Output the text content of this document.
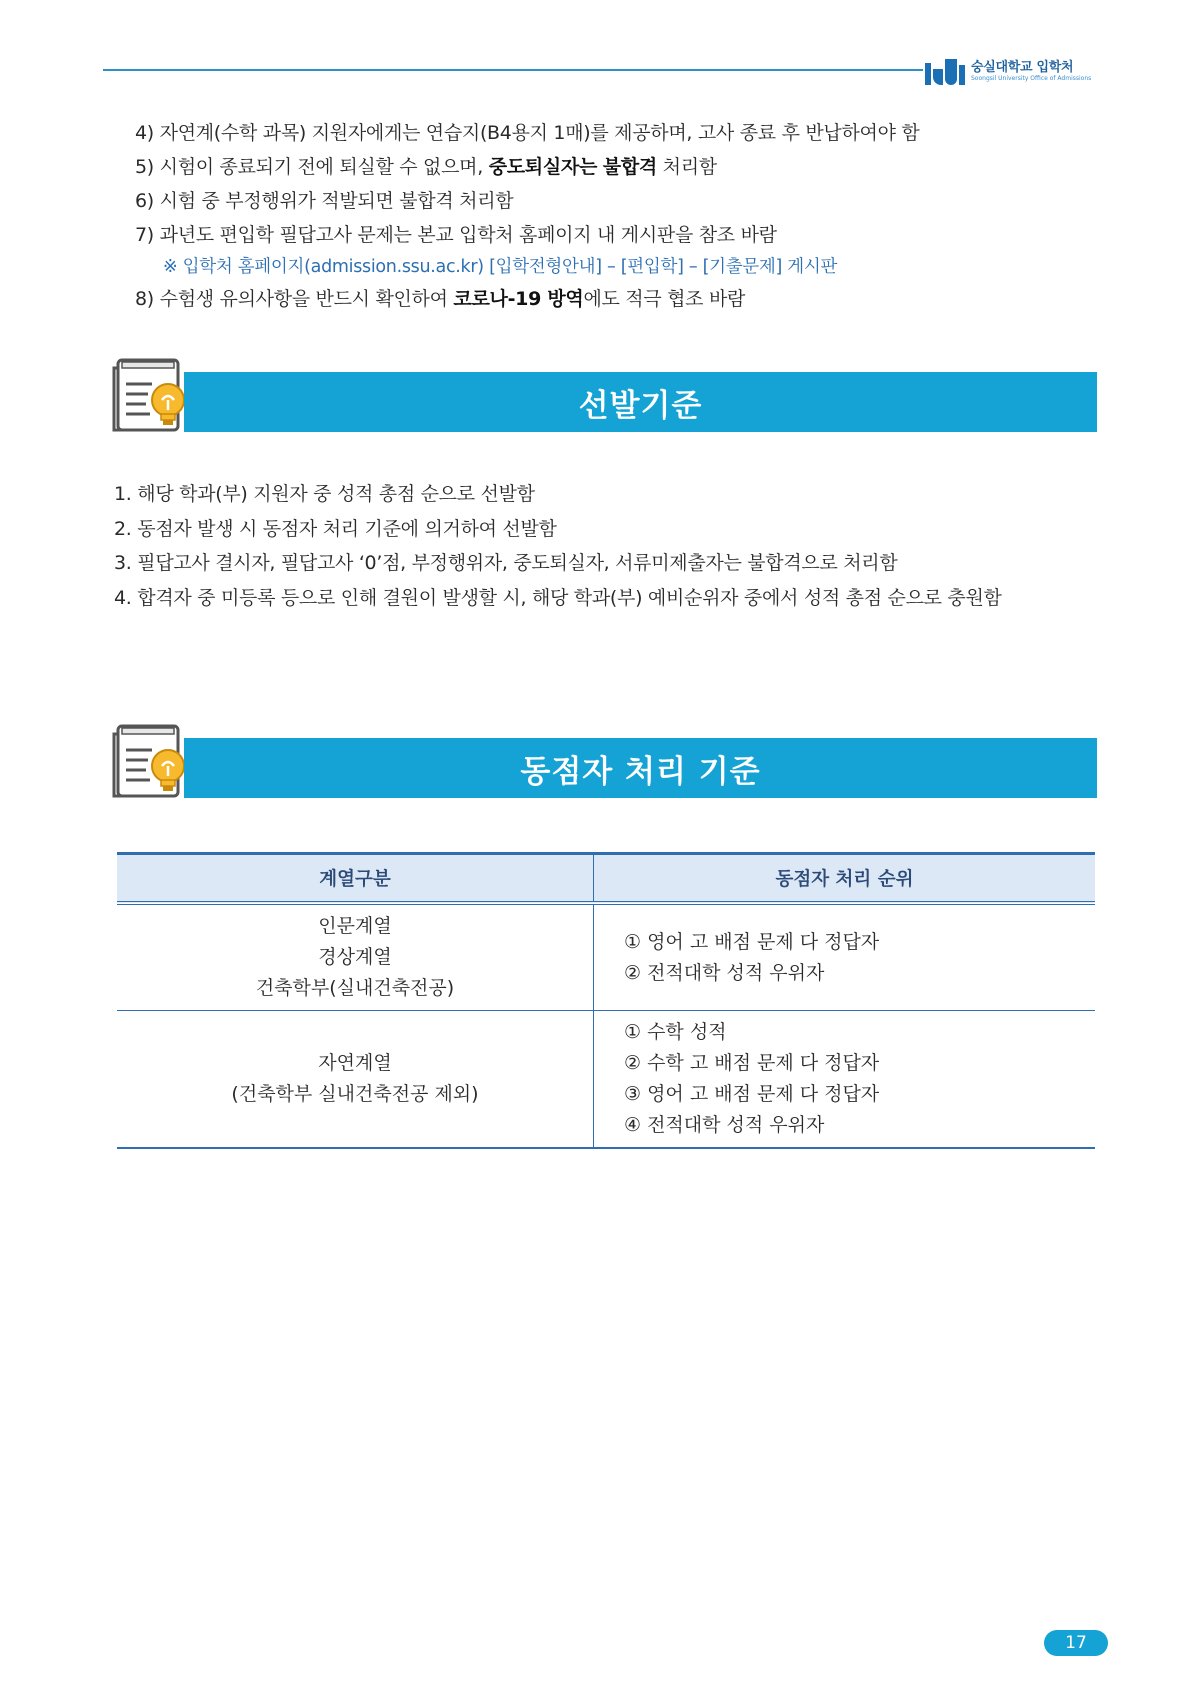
숭실대학교 입학처
Soongsil University Office of Admissions
4) 자연계(수학 과목) 지원자에게는 연습지(B4용지 1매)를 제공하며, 고사 종료 후 반납하여야 함
5) 시험이 종료되기 전에 퇴실할 수 없으며, 중도퇴실자는 불합격 처리함
6) 시험 중 부정행위가 적발되면 불합격 처리함
7) 과년도 편입학 필답고사 문제는 본교 입학처 홈페이지 내 게시판을 참조 바람
※ 입학처 홈페이지(admission.ssu.ac.kr) [입학전형안내] – [편입학] – [기출문제] 게시판
8) 수험생 유의사항을 반드시 확인하여 코로나-19 방역에도 적극 협조 바람
선발기준
1. 해당 학과(부) 지원자 중 성적 총점 순으로 선발함
2. 동점자 발생 시 동점자 처리 기준에 의거하여 선발함
3. 필답고사 결시자, 필답고사 ‘0’점, 부정행위자, 중도퇴실자, 서류미제출자는 불합격으로 처리함
4. 합격자 중 미등록 등으로 인해 결원이 발생할 시, 해당 학과(부) 예비순위자 중에서 성적 총점 순으로 충원함
동점자 처리 기준
계열구분	동점자 처리 순위

인문계열
경상계열
건축학부(실내건축전공)	① 영어 고 배점 문제 다 정답자
② 전적대학 성적 우위자

자연계열
(건축학부 실내건축전공 제외)	① 수학 성적
② 수학 고 배점 문제 다 정답자
③ 영어 고 배점 문제 다 정답자
④ 전적대학 성적 우위자
17
